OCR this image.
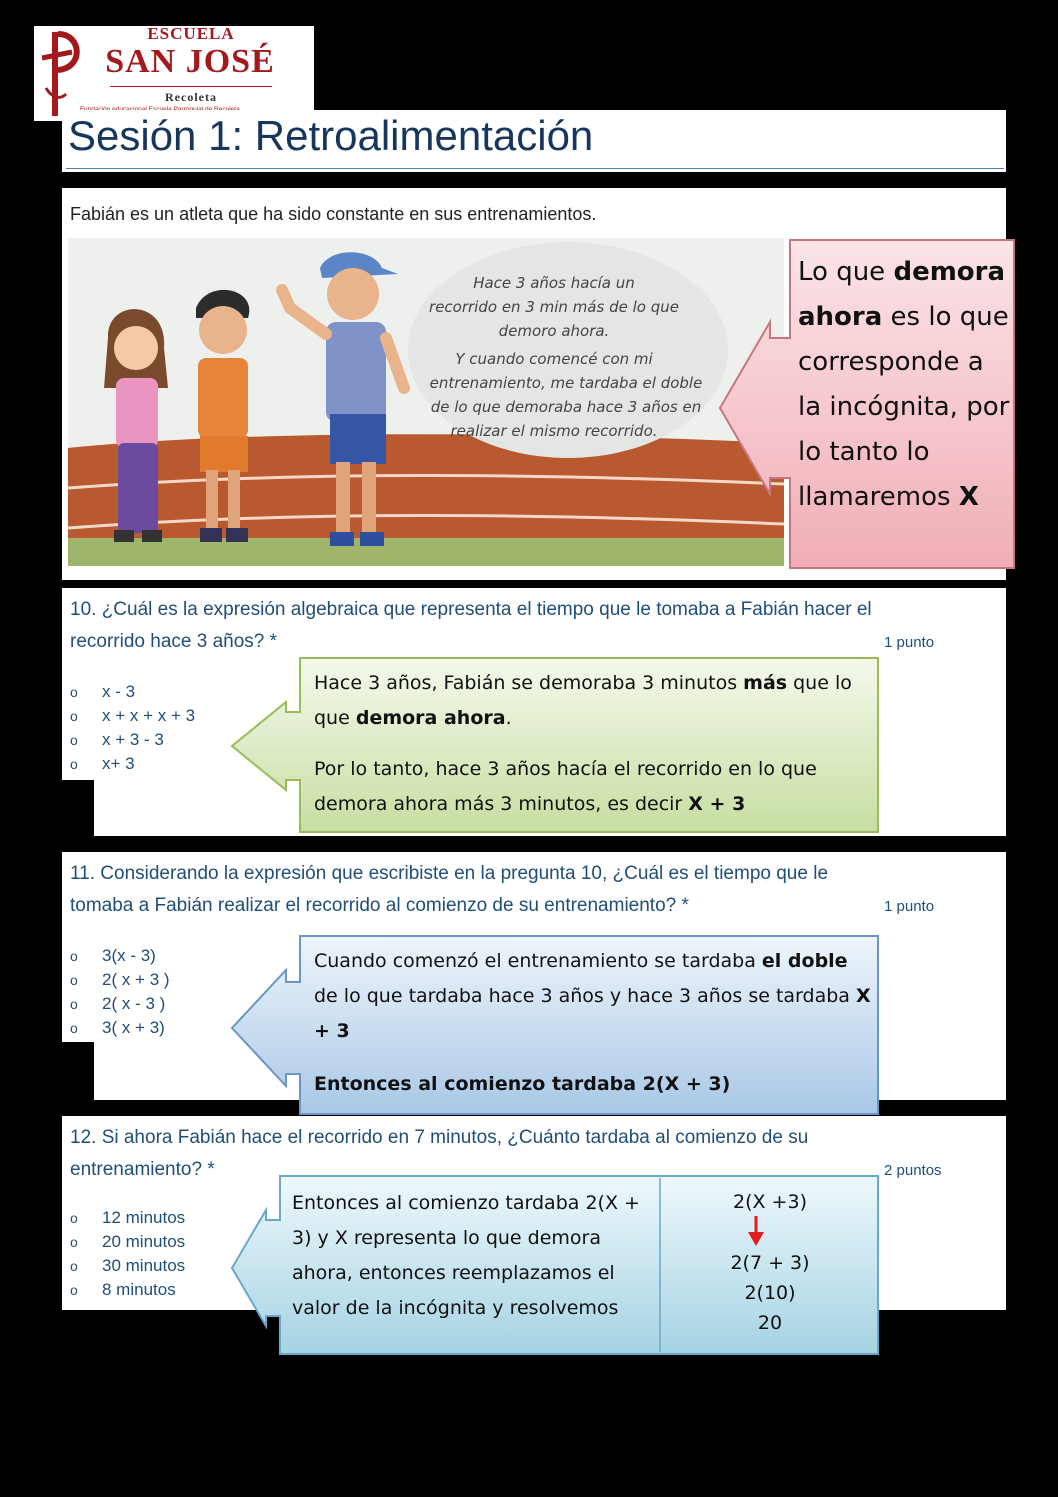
ESCUELA
SAN JOSÉ
Recoleta
Sesión 1: Retroalimentación
Fabián es un atleta que ha sido constante en sus entrenamientos.
Hace 3 años hacía un
recorrido en 3 min más de lo que
demoro ahora.
Y cuando comencé con mi
entrenamiento, me tardaba el doble
de lo que demoraba hace 3 años en
realizar el mismo recorrido.
Lo que demora ahora es lo que corresponde a la incógnita, por lo tanto lo llamaremos X
10. ¿Cuál es la expresión algebraica que representa el tiempo que le tomaba a Fabián hacer el
recorrido hace 3 años? *	1 punto
o x - 3
o x + x + x + 3
o x + 3 - 3
o x+ 3
Hace 3 años, Fabián se demoraba 3 minutos más que lo que demora ahora.
Por lo tanto, hace 3 años hacía el recorrido en lo que demora ahora más 3 minutos, es decir X + 3
11. Considerando la expresión que escribiste en la pregunta 10, ¿Cuál es el tiempo que le
tomaba a Fabián realizar el recorrido al comienzo de su entrenamiento? *	1 punto
o 3(x - 3)
o 2( x + 3 )
o 2( x - 3 )
o 3( x + 3)
Cuando comenzó el entrenamiento se tardaba el doble de lo que tardaba hace 3 años y hace 3 años se tardaba X + 3
Entonces al comienzo tardaba 2(X + 3)
12. Si ahora Fabián hace el recorrido en 7 minutos, ¿Cuánto tardaba al comienzo de su
entrenamiento? *	2 puntos
o 12 minutos
o 20 minutos
o 30 minutos
o 8 minutos
Entonces al comienzo tardaba 2(X + 3) y X representa lo que demora ahora, entonces reemplazamos el valor de la incógnita y resolvemos
2(X +3)
2(7 + 3)
2(10)
20
